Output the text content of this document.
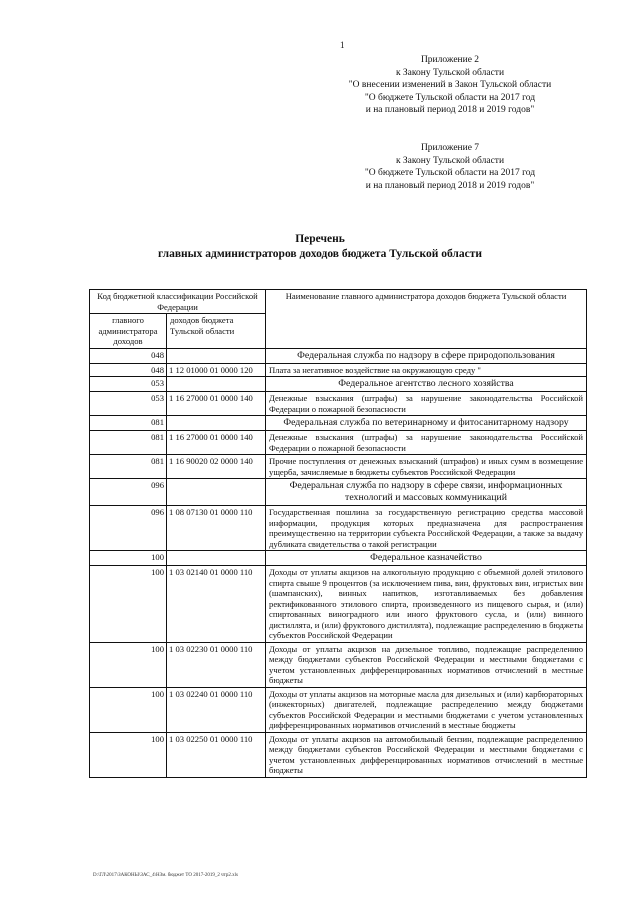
1
Приложение 2
к Закону Тульской области
"О внесении изменений в Закон Тульской области
"О бюджете Тульской области на 2017 год
и на плановый период 2018 и 2019 годов"
Приложение 7
к Закону Тульской области
"О бюджете Тульской области на 2017 год
и на плановый период 2018 и 2019 годов"
Перечень
главных администраторов доходов бюджета Тульской области
Код бюджетной классификации Российской Федерации		Наименование главного администратора доходов бюджета Тульской области
главного администратора доходов	доходов бюджета Тульской области	
048		Федеральная служба по надзору в сфере природопользования
048	1 12 01000 01 0000 120	Плата за негативное воздействие на окружающую среду "
053		Федеральное агентство лесного хозяйства
053	1 16 27000 01 0000 140	Денежные взыскания (штрафы) за нарушение законодательства Российской Федерации о пожарной безопасности
081		Федеральная служба по ветеринарному и фитосанитарному надзору
081	1 16 27000 01 0000 140	Денежные взыскания (штрафы) за нарушение законодательства Российской Федерации о пожарной безопасности
081	1 16 90020 02 0000 140	Прочие поступления от денежных взысканий (штрафов) и иных сумм в возмещение ущерба, зачисляемые в бюджеты субъектов Российской Федерации
096		Федеральная служба по надзору в сфере связи, информационных технологий и массовых коммуникаций
096	1 08 07130 01 0000 110	Государственная пошлина за государственную регистрацию средства массовой информации, продукция которых предназначена для распространения преимущественно на территории субъекта Российской Федерации, а также за выдачу дубликата свидетельства о такой регистрации
100		Федеральное казначейство
100	1 03 02140 01 0000 110	Доходы от уплаты акцизов на алкогольную продукцию с объемной долей этилового спирта свыше 9 процентов (за исключением пива, вин, фруктовых вин, игристых вин (шампанских), винных напитков, изготавливаемых без добавления ректификованного этилового спирта, произведенного из пищевого сырья, и (или) спиртованных виноградного или иного фруктового сусла, и (или) винного дистиллята, и (или) фруктового дистиллята), подлежащие распределению в бюджеты субъектов Российской Федерации
100	1 03 02230 01 0000 110	Доходы от уплаты акцизов на дизельное топливо, подлежащие распределению между бюджетами субъектов Российской Федерации и местными бюджетами с учетом установленных дифференцированных нормативов отчислений в местные бюджеты
100	1 03 02240 01 0000 110	Доходы от уплаты акцизов на моторные масла для дизельных и (или) карбюраторных (инжекторных) двигателей, подлежащие распределению между бюджетами субъектов Российской Федерации и местными бюджетами с учетом установленных дифференцированных нормативов отчислений в местные бюджеты
100	1 03 02250 01 0000 110	Доходы от уплаты акцизов на автомобильный бензин, подлежащие распределению между бюджетами субъектов Российской Федерации и местными бюджетами с учетом установленных дифференцированных нормативов отчислений в местные бюджеты
D:\ГЛ\2017\ЗАКОНЫ\ЗАС_4\НЗм. бюджет ТО 2017-2019_2 чтр2.xls
